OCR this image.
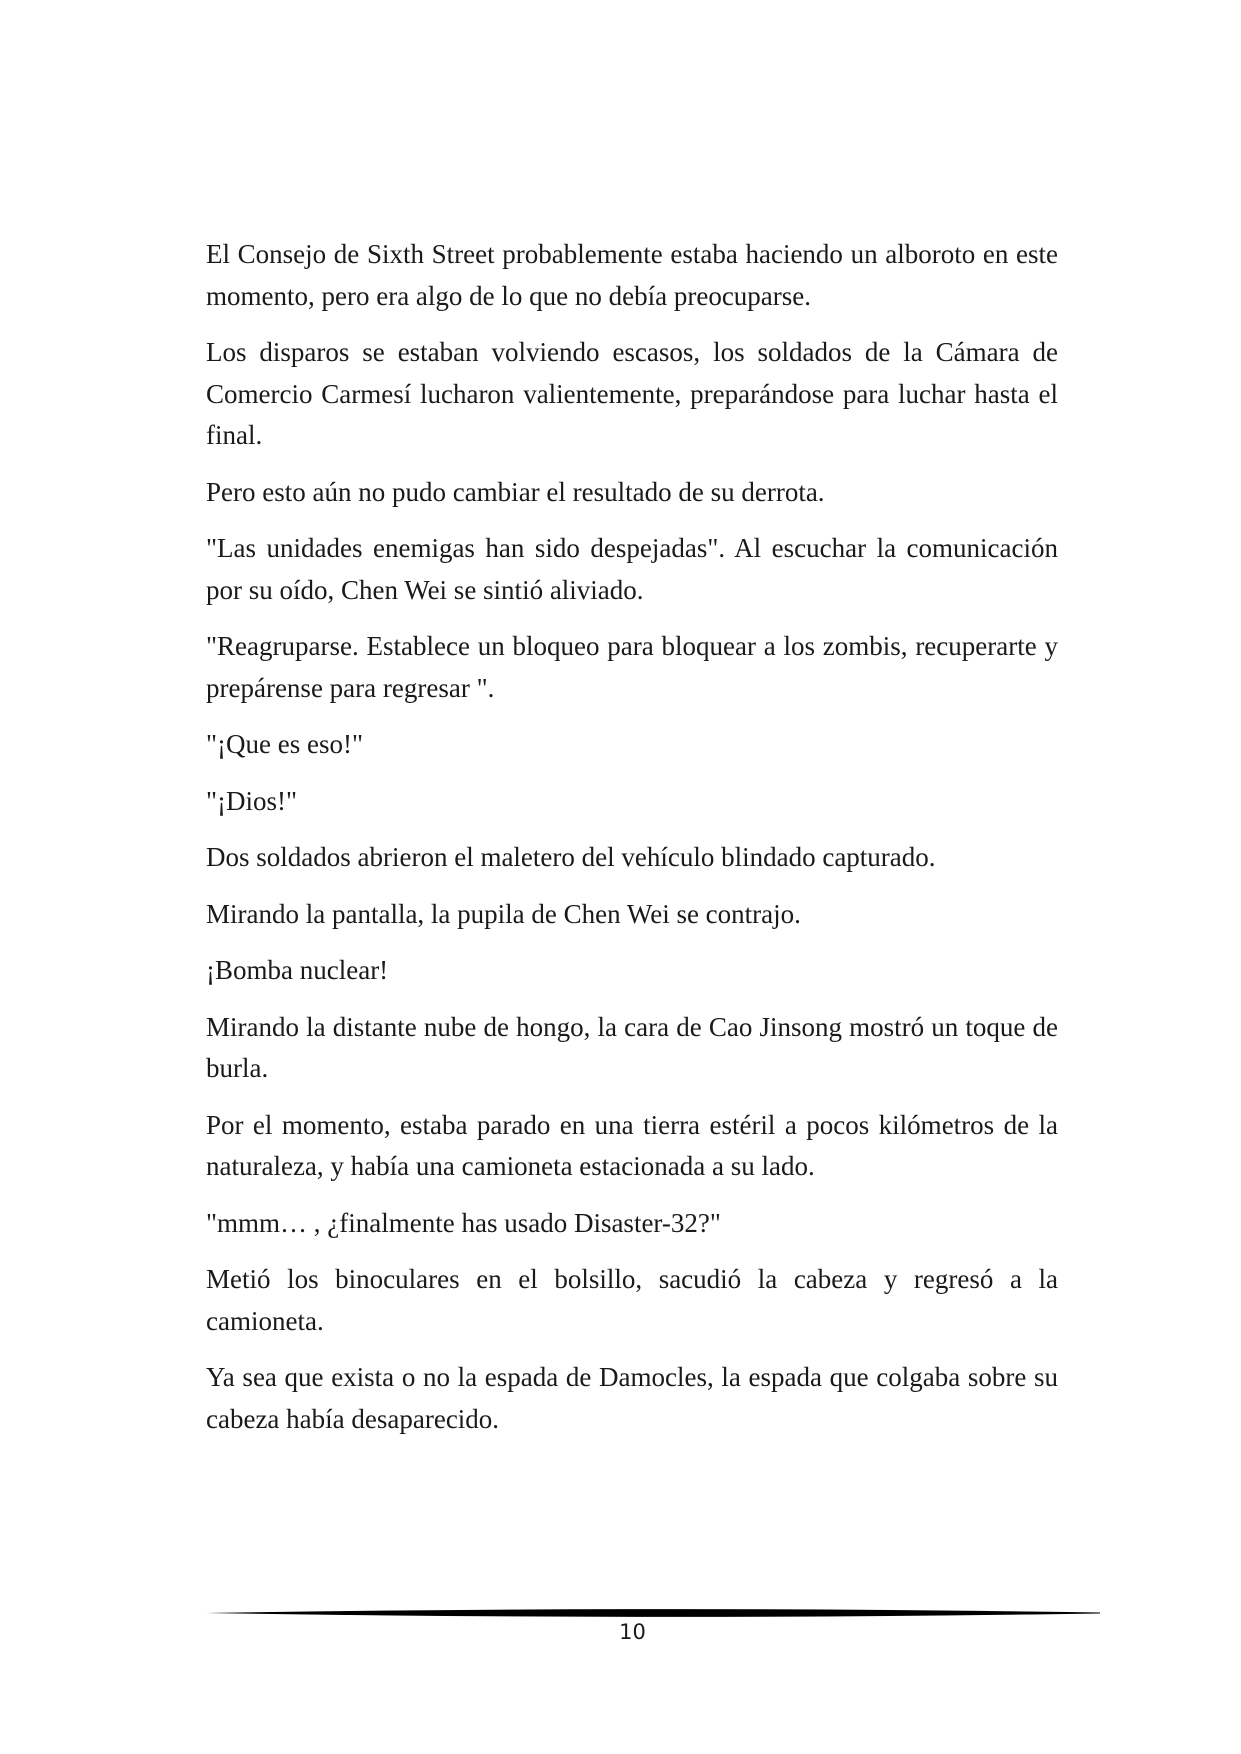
El Consejo de Sixth Street probablemente estaba haciendo un alboroto en este momento, pero era algo de lo que no debía preocuparse.

Los disparos se estaban volviendo escasos, los soldados de la Cámara de Comercio Carmesí lucharon valientemente, preparándose para luchar hasta el final.

Pero esto aún no pudo cambiar el resultado de su derrota.

"Las unidades enemigas han sido despejadas". Al escuchar la comunicación por su oído, Chen Wei se sintió aliviado.

"Reagruparse. Establece un bloqueo para bloquear a los zombis, recuperarte y prepárense para regresar ".

"¡Que es eso!"

"¡Dios!"

Dos soldados abrieron el maletero del vehículo blindado capturado.

Mirando la pantalla, la pupila de Chen Wei se contrajo.

¡Bomba nuclear!

Mirando la distante nube de hongo, la cara de Cao Jinsong mostró un toque de burla.

Por el momento, estaba parado en una tierra estéril a pocos kilómetros de la naturaleza, y había una camioneta estacionada a su lado.

"mmm… , ¿finalmente has usado Disaster-32?"

Metió los binoculares en el bolsillo, sacudió la cabeza y regresó a la camioneta.

Ya sea que exista o no la espada de Damocles, la espada que colgaba sobre su cabeza había desaparecido.

10
